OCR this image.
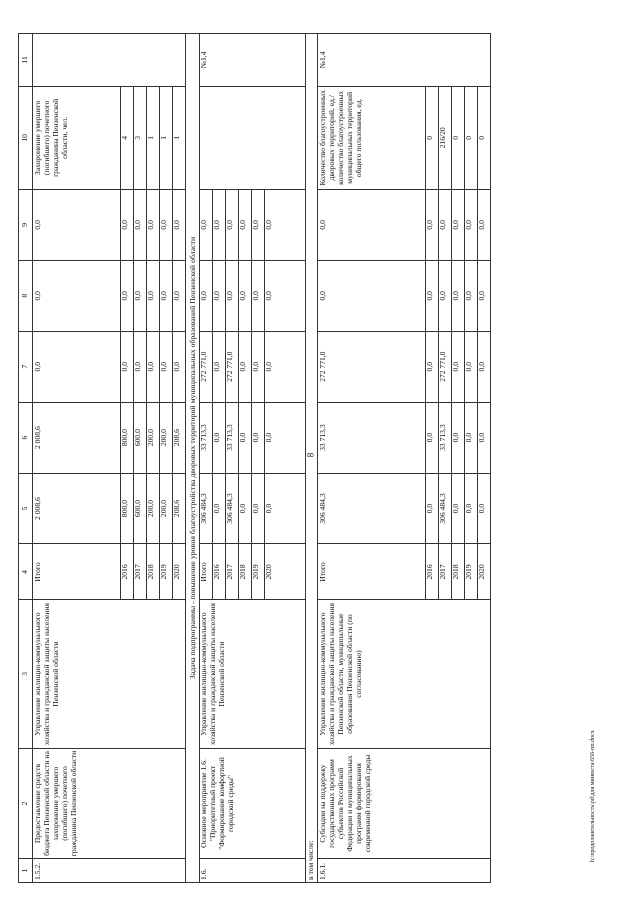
8
h:\продолжительность\pd\для минюста\656-пп.docx
1	2	3	4	5	6	7	8	9	10	11
1.5.2.	Предоставление средств бюджета Пензенской области на захоронение умершего (погибшего) почетного гражданина Пензенской области	Управление жилищно-коммунального хозяйства и гражданской защиты населения Пензенской области	Итого	2 008,6	2 008,6	0,0	0,0	0,0	Захоронение умершего (погибшего) почетного гражданина Пензенской области, чел.	
			2016	800,0	800,0	0,0	0,0	0,0	4	
			2017	600,0	600,0	0,0	0,0	0,0	3	
			2018	200,0	200,0	0,0	0,0	0,0	1	
			2019	200,0	200,0	0,0	0,0	0,0	1	
			2020	208,6	208,6	0,0	0,0	0,0	1	
Задача подпрограммы - повышение уровня благоустройства дворовых территорий муниципальных образований Пензенской области										
1.6.	Основное мероприятие 1.6. "Приоритетный проект "Формирование комфортной городской среды"	Управление жилищно-коммунального хозяйства и гражданской защиты населения Пензенской области	Итого	306 484,3	33 713,3	272 771,0	0,0	0,0		№1,4
			2016	0,0	0,0	0,0	0,0	0,0		
			2017	306 484,3	33 713,3	272 771,0	0,0	0,0		
			2018	0,0	0,0	0,0	0,0	0,0		
			2019	0,0	0,0	0,0	0,0	0,0		
			2020	0,0	0,0	0,0	0,0	0,0		
в том числе:										
1.6.1.	Субсидии на поддержку государственных программ субъектов Российской Федерации и муниципальных программ формирования современной городской среды	Управление жилищно-коммунального хозяйства и гражданской защиты населения Пензенской области, муниципальные образования Пензенской области (по согласованию)	Итого	306 484,3	33 713,3	272 771,0	0,0	0,0	Количество благоустроенных дворовых территорий, ед./количество благоустроенных муниципальных территорий общего пользования, ед.	№1,4
			2016	0,0	0,0	0,0	0,0	0,0	0	
			2017	306 484,3	33 713,3	272 771,0	0,0	0,0	216/20	
			2018	0,0	0,0	0,0	0,0	0,0	0	
			2019	0,0	0,0	0,0	0,0	0,0	0	
			2020	0,0	0,0	0,0	0,0	0,0	0	
